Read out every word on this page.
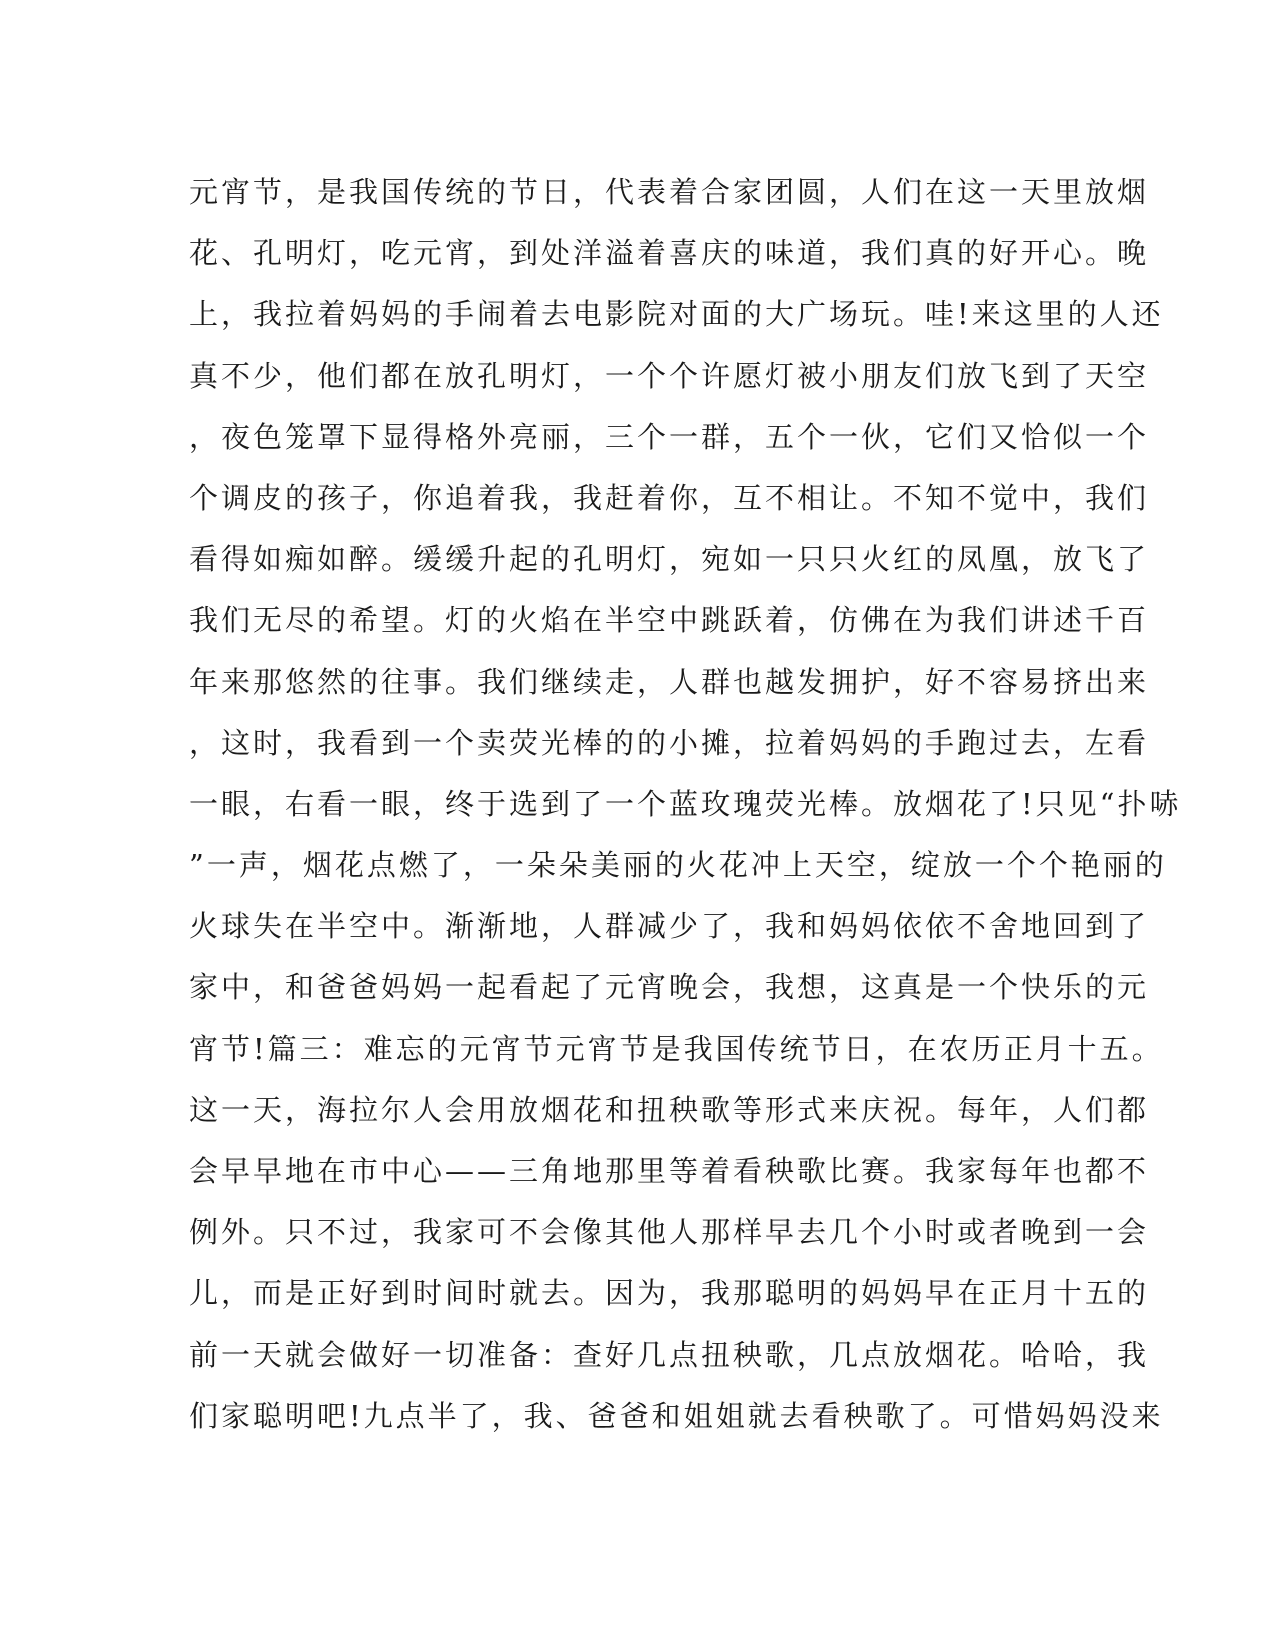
元宵节，是我国传统的节日，代表着合家团圆，人们在这一天里放烟
花、孔明灯，吃元宵，到处洋溢着喜庆的味道，我们真的好开心。晚
上，我拉着妈妈的手闹着去电影院对面的大广场玩。哇!来这里的人还
真不少，他们都在放孔明灯，一个个许愿灯被小朋友们放飞到了天空
，夜色笼罩下显得格外亮丽，三个一群，五个一伙，它们又恰似一个
个调皮的孩子，你追着我，我赶着你，互不相让。不知不觉中，我们
看得如痴如醉。缓缓升起的孔明灯，宛如一只只火红的凤凰，放飞了
我们无尽的希望。灯的火焰在半空中跳跃着，仿佛在为我们讲述千百
年来那悠然的往事。我们继续走，人群也越发拥护，好不容易挤出来
，这时，我看到一个卖荧光棒的的小摊，拉着妈妈的手跑过去，左看
一眼，右看一眼，终于选到了一个蓝玫瑰荧光棒。放烟花了!只见“扑哧
”一声，烟花点燃了，一朵朵美丽的火花冲上天空，绽放一个个艳丽的
火球失在半空中。渐渐地，人群减少了，我和妈妈依依不舍地回到了
家中，和爸爸妈妈一起看起了元宵晚会，我想，这真是一个快乐的元
宵节!篇三：难忘的元宵节元宵节是我国传统节日，在农历正月十五。
这一天，海拉尔人会用放烟花和扭秧歌等形式来庆祝。每年，人们都
会早早地在市中心——三角地那里等着看秧歌比赛。我家每年也都不
例外。只不过，我家可不会像其他人那样早去几个小时或者晚到一会
儿，而是正好到时间时就去。因为，我那聪明的妈妈早在正月十五的
前一天就会做好一切准备：查好几点扭秧歌，几点放烟花。哈哈，我
们家聪明吧!九点半了，我、爸爸和姐姐就去看秧歌了。可惜妈妈没来
